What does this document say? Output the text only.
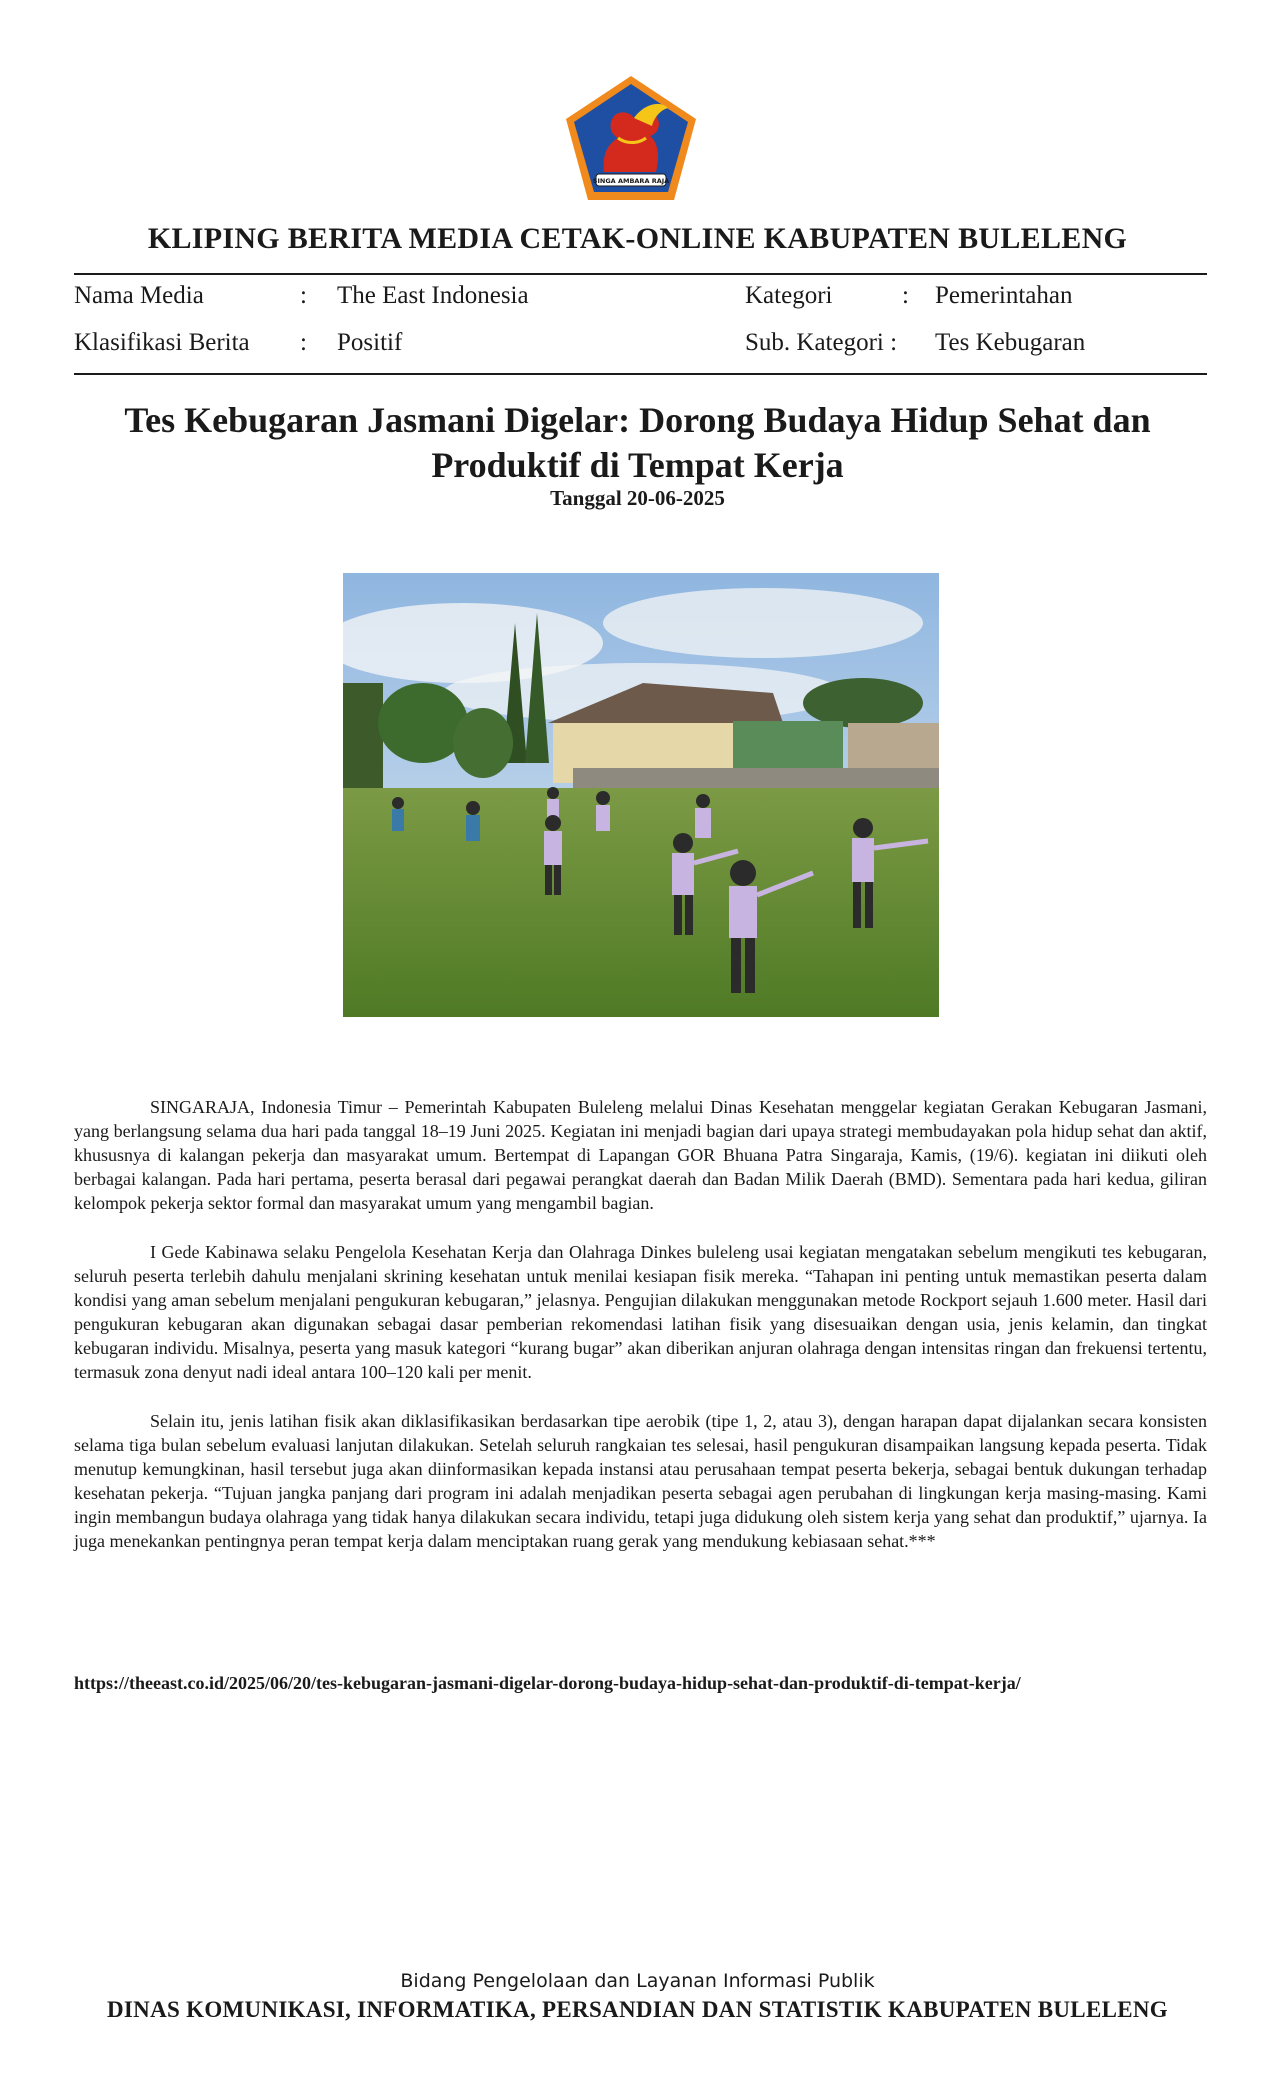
SINGA AMBARA RAJA
KLIPING BERITA MEDIA CETAK-ONLINE KABUPATEN BULELENG
Nama Media	: The East Indonesia	Kategori	: Pemerintahan
Klasifikasi Berita : Positif	Sub. Kategori : Tes Kebugaran
Tes Kebugaran Jasmani Digelar: Dorong Budaya Hidup Sehat dan Produktif di Tempat Kerja
Tanggal 20-06-2025

SINGARAJA, Indonesia Timur – Pemerintah Kabupaten Buleleng melalui Dinas Kesehatan menggelar kegiatan Gerakan Kebugaran Jasmani, yang berlangsung selama dua hari pada tanggal 18–19 Juni 2025. Kegiatan ini menjadi bagian dari upaya strategi membudayakan pola hidup sehat dan aktif, khususnya di kalangan pekerja dan masyarakat umum. Bertempat di Lapangan GOR Bhuana Patra Singaraja, Kamis, (19/6). kegiatan ini diikuti oleh berbagai kalangan. Pada hari pertama, peserta berasal dari pegawai perangkat daerah dan Badan Milik Daerah (BMD). Sementara pada hari kedua, giliran kelompok pekerja sektor formal dan masyarakat umum yang mengambil bagian.

I Gede Kabinawa selaku Pengelola Kesehatan Kerja dan Olahraga Dinkes buleleng usai kegiatan mengatakan sebelum mengikuti tes kebugaran, seluruh peserta terlebih dahulu menjalani skrining kesehatan untuk menilai kesiapan fisik mereka. “Tahapan ini penting untuk memastikan peserta dalam kondisi yang aman sebelum menjalani pengukuran kebugaran,” jelasnya. Pengujian dilakukan menggunakan metode Rockport sejauh 1.600 meter. Hasil dari pengukuran kebugaran akan digunakan sebagai dasar pemberian rekomendasi latihan fisik yang disesuaikan dengan usia, jenis kelamin, dan tingkat kebugaran individu. Misalnya, peserta yang masuk kategori “kurang bugar” akan diberikan anjuran olahraga dengan intensitas ringan dan frekuensi tertentu, termasuk zona denyut nadi ideal antara 100–120 kali per menit.

Selain itu, jenis latihan fisik akan diklasifikasikan berdasarkan tipe aerobik (tipe 1, 2, atau 3), dengan harapan dapat dijalankan secara konsisten selama tiga bulan sebelum evaluasi lanjutan dilakukan. Setelah seluruh rangkaian tes selesai, hasil pengukuran disampaikan langsung kepada peserta. Tidak menutup kemungkinan, hasil tersebut juga akan diinformasikan kepada instansi atau perusahaan tempat peserta bekerja, sebagai bentuk dukungan terhadap kesehatan pekerja. “Tujuan jangka panjang dari program ini adalah menjadikan peserta sebagai agen perubahan di lingkungan kerja masing-masing. Kami ingin membangun budaya olahraga yang tidak hanya dilakukan secara individu, tetapi juga didukung oleh sistem kerja yang sehat dan produktif,” ujarnya. Ia juga menekankan pentingnya peran tempat kerja dalam menciptakan ruang gerak yang mendukung kebiasaan sehat.***

https://theeast.co.id/2025/06/20/tes-kebugaran-jasmani-digelar-dorong-budaya-hidup-sehat-dan-produktif-di-tempat-kerja/
Bidang Pengelolaan dan Layanan Informasi Publik
DINAS KOMUNIKASI, INFORMATIKA, PERSANDIAN DAN STATISTIK KABUPATEN BULELENG
